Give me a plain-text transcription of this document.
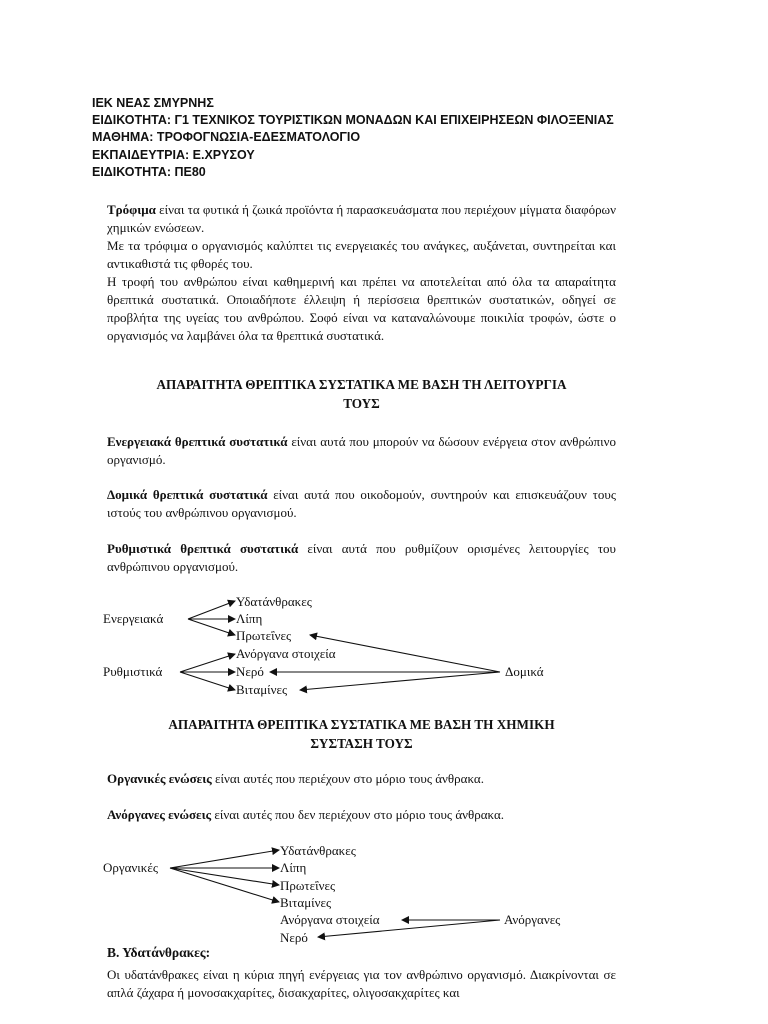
ΙΕΚ ΝΕΑΣ ΣΜΥΡΝΗΣ
ΕΙΔΙΚΟΤΗΤΑ: Γ1 ΤΕΧΝΙΚΟΣ ΤΟΥΡΙΣΤΙΚΩΝ ΜΟΝΑΔΩΝ ΚΑΙ ΕΠΙΧΕΙΡΗΣΕΩΝ ΦΙΛΟΞΕΝΙΑΣ
ΜΑΘΗΜΑ: ΤΡΟΦΟΓΝΩΣΙΑ-ΕΔΕΣΜΑΤΟΛΟΓΙΟ
ΕΚΠΑΙΔΕΥΤΡΙΑ: Ε.ΧΡΥΣΟΥ
ΕΙΔΙΚΟΤΗΤΑ: ΠΕ80

Τρόφιμα είναι τα φυτικά ή ζωικά προϊόντα ή παρασκευάσματα που περιέχουν μίγματα διαφόρων χημικών ενώσεων.

Με τα τρόφιμα ο οργανισμός καλύπτει τις ενεργειακές του ανάγκες, αυξάνεται, συντηρείται και αντικαθιστά τις φθορές του.

Η τροφή του ανθρώπου είναι καθημερινή και πρέπει να αποτελείται από όλα τα απαραίτητα θρεπτικά συστατικά. Οποιαδήποτε έλλειψη ή περίσσεια θρεπτικών συστατικών, οδηγεί σε προβλήτα της υγείας του ανθρώπου. Σοφό είναι να καταναλώνουμε ποικιλία τροφών, ώστε ο οργανισμός να λαμβάνει όλα τα θρεπτικά συστατικά.

ΑΠΑΡΑΙΤΗΤΑ ΘΡΕΠΤΙΚΑ ΣΥΣΤΑΤΙΚΑ ΜΕ ΒΑΣΗ ΤΗ ΛΕΙΤΟΥΡΓΙΑ
ΤΟΥΣ

Ενεργειακά θρεπτικά συστατικά είναι αυτά που μπορούν να δώσουν ενέργεια στον ανθρώπινο οργανισμό.

Δομικά θρεπτικά συστατικά είναι αυτά που οικοδομούν, συντηρούν και επισκευάζουν τους ιστούς του ανθρώπινου οργανισμού.

Ρυθμιστικά θρεπτικά συστατικά είναι αυτά που ρυθμίζουν ορισμένες λειτουργίες του ανθρώπινου οργανισμού.

Ενεργειακά
Ρυθμιστικά	Δομικά
Υδατάνθρακες
Λίπη
Πρωτεΐνες
Ανόργανα στοιχεία
Νερό
Βιταμίνες
ΑΠΑΡΑΙΤΗΤΑ ΘΡΕΠΤΙΚΑ ΣΥΣΤΑΤΙΚΑ ΜΕ ΒΑΣΗ ΤΗ ΧΗΜΙΚΗ
ΣΥΣΤΑΣΗ ΤΟΥΣ

Οργανικές ενώσεις είναι αυτές που περιέχουν στο μόριο τους άνθρακα.

Ανόργανες ενώσεις είναι αυτές που δεν περιέχουν στο μόριο τους άνθρακα.

Οργανικές
Ανόργανες
Υδατάνθρακες
Λίπη
Πρωτεΐνες
Βιταμίνες
Ανόργανα στοιχεία
Νερό
Β. Υδατάνθρακες:

Οι υδατάνθρακες είναι η κύρια πηγή ενέργειας για τον ανθρώπινο οργανισμό. Διακρίνονται σε απλά ζάχαρα ή μονοσακχαρίτες, δισακχαρίτες, ολιγοσακχαρίτες και
